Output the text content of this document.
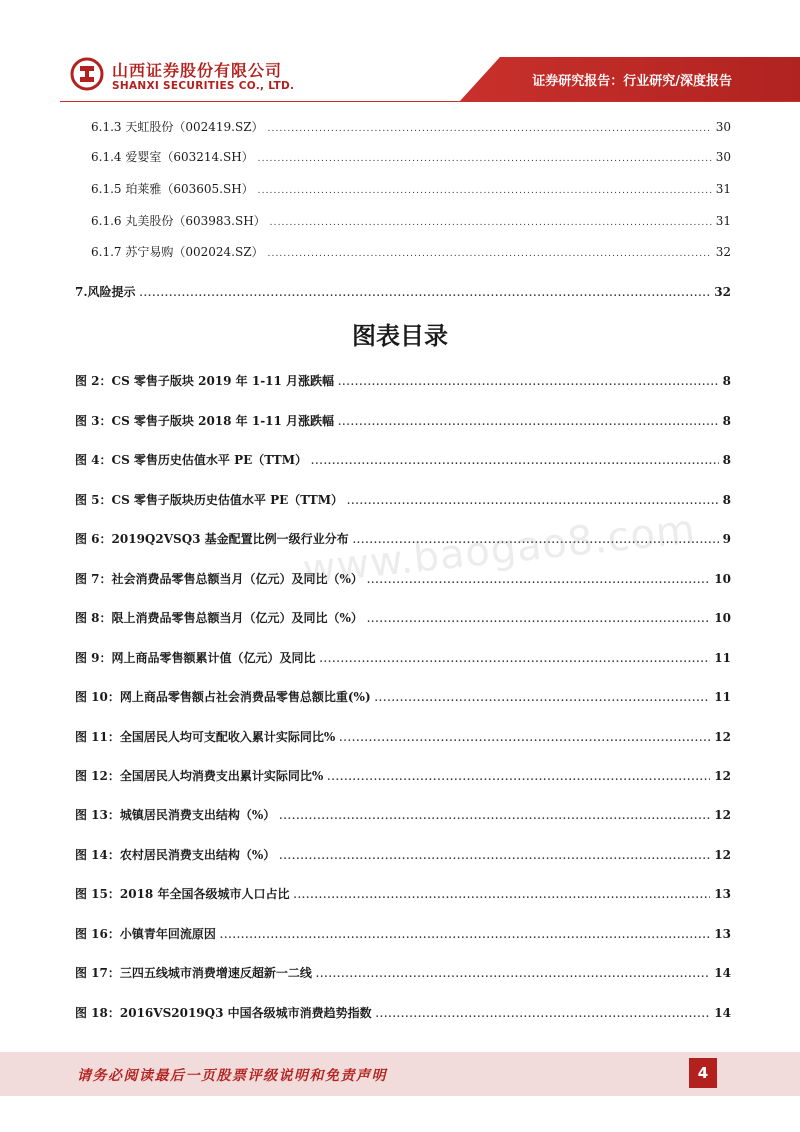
山西证券股份有限公司
SHANXI SECURITIES CO., LTD.	证券研究报告：行业研究/深度报告
6.1.3 天虹股份（002419.SZ） .....	30
6.1.4 爱婴室（603214.SH） .....	30
6.1.5 珀莱雅（603605.SH） .....	31
6.1.6 丸美股份（603983.SH） .....	31
6.1.7 苏宁易购（002024.SZ） .....	32
7.风险提示 .....	32
图表目录
图 2：CS 零售子版块 2019 年 1-11 月涨跌幅 .....	8
图 3：CS 零售子版块 2018 年 1-11 月涨跌幅 .....	8
图 4：CS 零售历史估值水平 PE（TTM） .....	8
图 5：CS 零售子版块历史估值水平 PE（TTM） .....	8
图 6：2019Q2VSQ3 基金配置比例一级行业分布 .....	9
图 7：社会消费品零售总额当月（亿元）及同比（%） .....	10
图 8：限上消费品零售总额当月（亿元）及同比（%） .....	10
图 9：网上商品零售额累计值（亿元）及同比 .....	11
图 10：网上商品零售额占社会消费品零售总额比重(%) .....	11
图 11：全国居民人均可支配收入累计实际同比% .....	12
图 12：全国居民人均消费支出累计实际同比% .....	12
图 13：城镇居民消费支出结构（%） .....	12
图 14：农村居民消费支出结构（%） .....	12
图 15：2018 年全国各级城市人口占比 .....	13
图 16：小镇青年回流原因 .....	13
图 17：三四五线城市消费增速反超新一二线 .....	14
图 18：2016VS2019Q3 中国各级城市消费趋势指数 .....	14
www.baogao8.com
请务必阅读最后一页股票评级说明和免责声明	4
